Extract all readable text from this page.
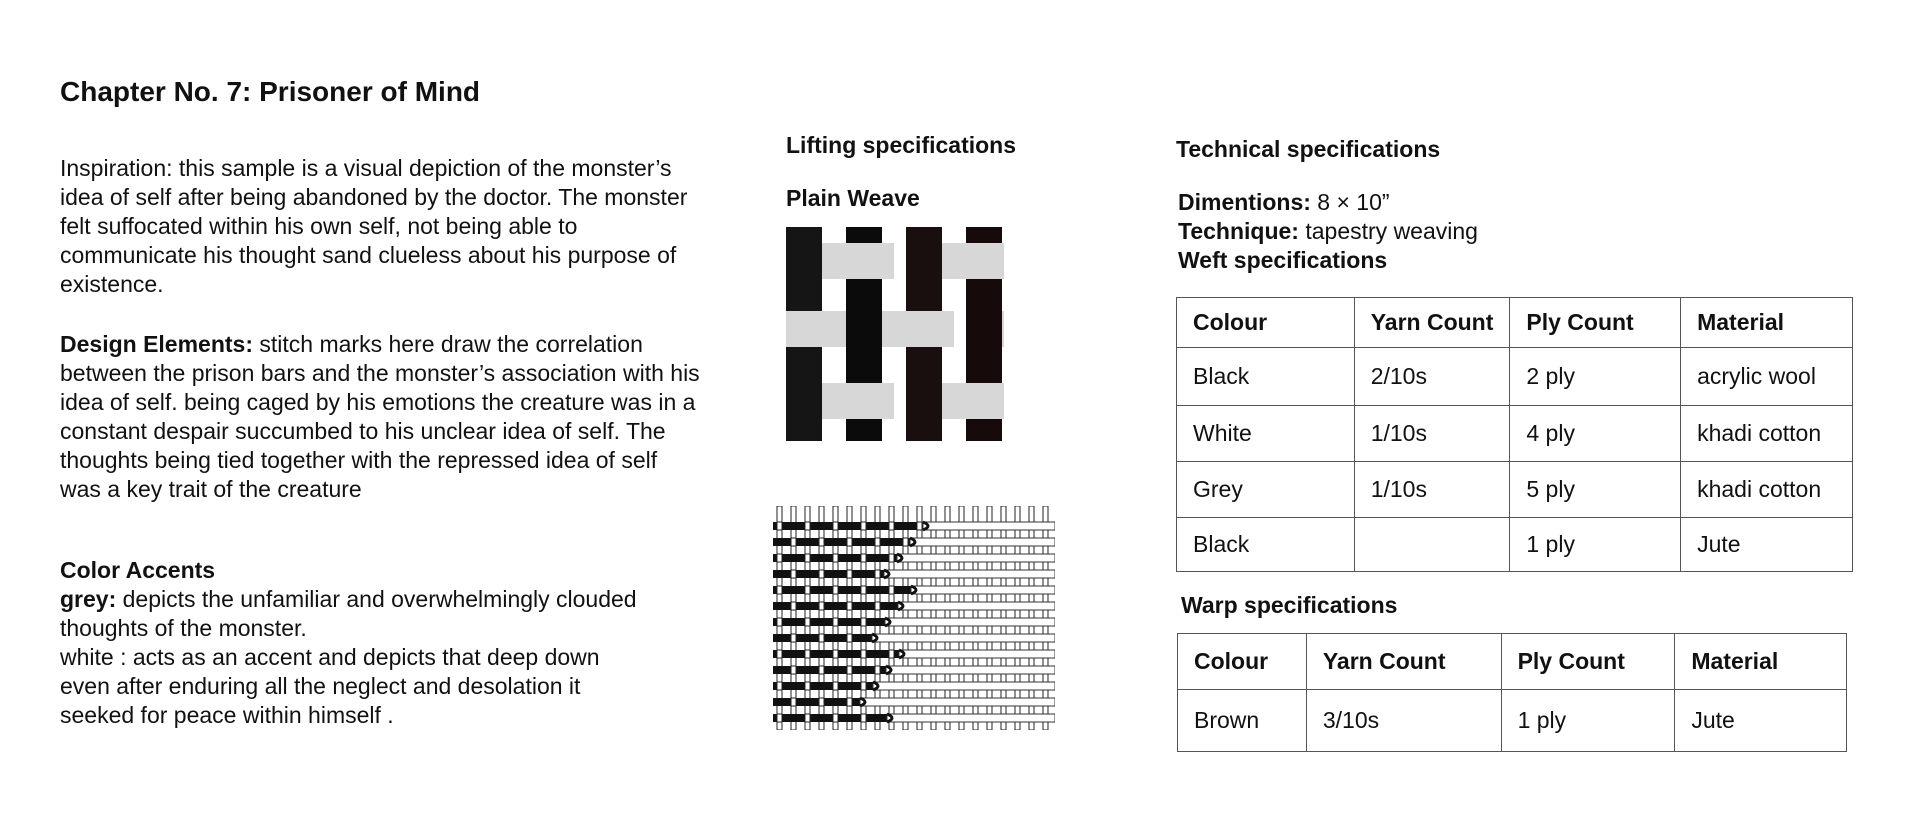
Chapter No. 7: Prisoner of Mind
Inspiration: this sample is a visual depiction of the monster’s idea of self after being abandoned by the doctor. The monster felt suffocated within his own self, not being able to communicate his thought sand clueless about his purpose of existence.
Design Elements: stitch marks here draw the correlation between the prison bars and the monster’s association with his idea of self. being caged by his emotions the creature was in a constant despair succumbed to his unclear idea of self. The thoughts being tied together with the repressed idea of self was a key trait of the creature
Color Accents
grey: depicts the unfamiliar and overwhelmingly clouded thoughts of the monster.
white : acts as an accent and depicts that deep down even after enduring all the neglect and desolation it seeked for peace within himself .
Lifting specifications
Plain Weave
Technical specifications
Dimentions: 8 × 10”
Technique: tapestry weaving
Weft specifications
Colour	Yarn Count	Ply Count	Material
Black	2/10s	2 ply	acrylic wool
White	1/10s	4 ply	khadi cotton
Grey	1/10s	5 ply	khadi cotton
Black		1 ply	Jute
Warp specifications
Colour	Yarn Count	Ply Count	Material
Brown	3/10s	1 ply	Jute
